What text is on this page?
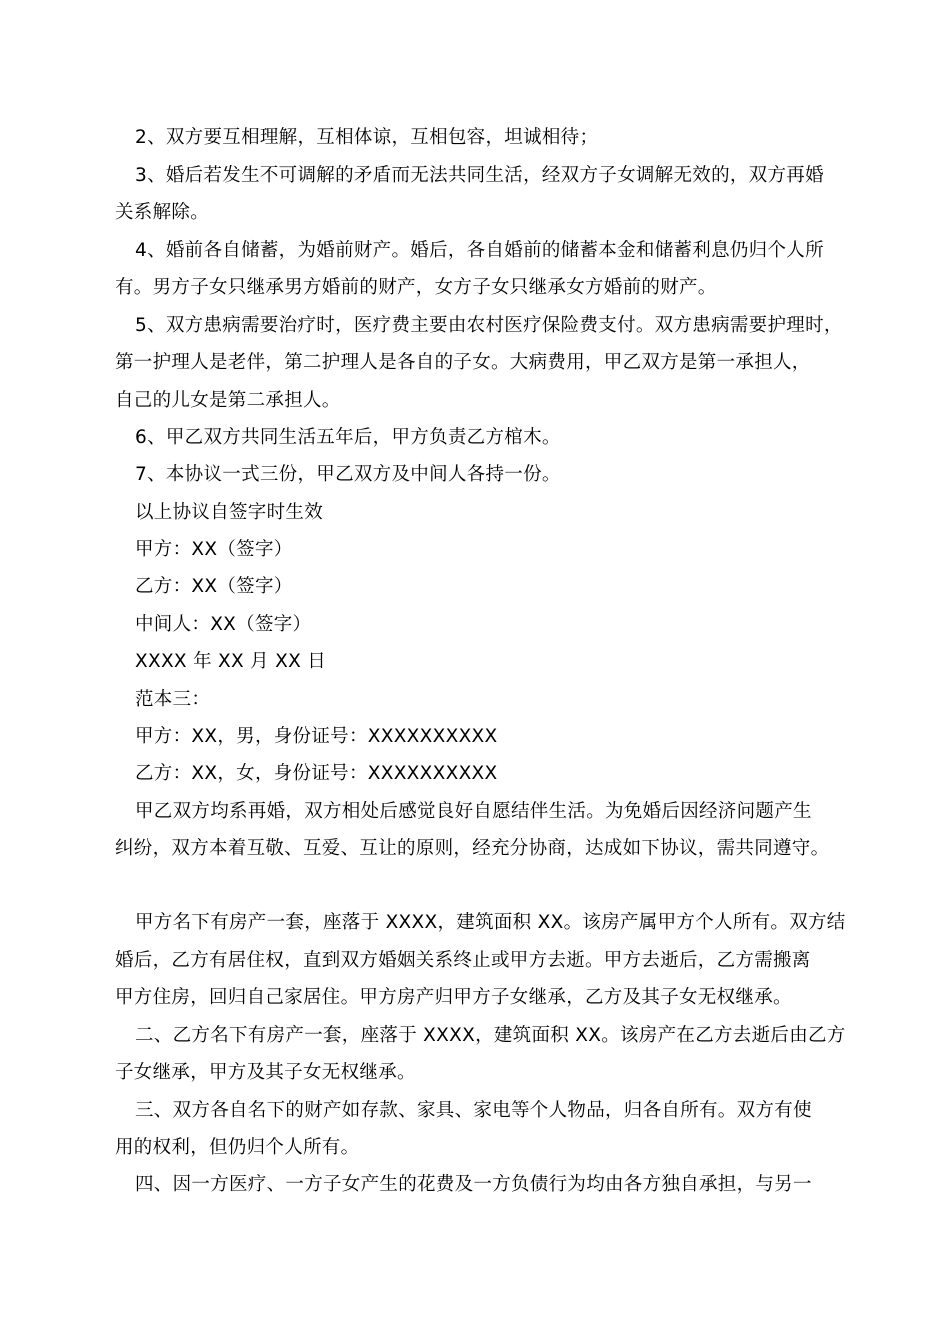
2、双方要互相理解，互相体谅，互相包容，坦诚相待；
3、婚后若发生不可调解的矛盾而无法共同生活，经双方子女调解无效的，双方再婚
关系解除。
4、婚前各自储蓄，为婚前财产。婚后，各自婚前的储蓄本金和储蓄利息仍归个人所
有。男方子女只继承男方婚前的财产，女方子女只继承女方婚前的财产。
5、双方患病需要治疗时，医疗费主要由农村医疗保险费支付。双方患病需要护理时，
第一护理人是老伴，第二护理人是各自的子女。大病费用，甲乙双方是第一承担人，
自己的儿女是第二承担人。
6、甲乙双方共同生活五年后，甲方负责乙方棺木。
7、本协议一式三份，甲乙双方及中间人各持一份。
以上协议自签字时生效
甲方：XX（签字）
乙方：XX（签字）
中间人：XX（签字）
XXXX 年 XX 月 XX 日
范本三：
甲方：XX，男，身份证号：XXXXXXXXXX
乙方：XX，女，身份证号：XXXXXXXXXX
甲乙双方均系再婚，双方相处后感觉良好自愿结伴生活。为免婚后因经济问题产生
纠纷，双方本着互敬、互爱、互让的原则，经充分协商，达成如下协议，需共同遵守。
甲方名下有房产一套，座落于 XXXX，建筑面积 XX。该房产属甲方个人所有。双方结
婚后，乙方有居住权，直到双方婚姻关系终止或甲方去逝。甲方去逝后，乙方需搬离
甲方住房，回归自己家居住。甲方房产归甲方子女继承，乙方及其子女无权继承。
二、乙方名下有房产一套，座落于 XXXX，建筑面积 XX。该房产在乙方去逝后由乙方
子女继承，甲方及其子女无权继承。
三、双方各自名下的财产如存款、家具、家电等个人物品，归各自所有。双方有使
用的权利，但仍归个人所有。
四、因一方医疗、一方子女产生的花费及一方负债行为均由各方独自承担，与另一
